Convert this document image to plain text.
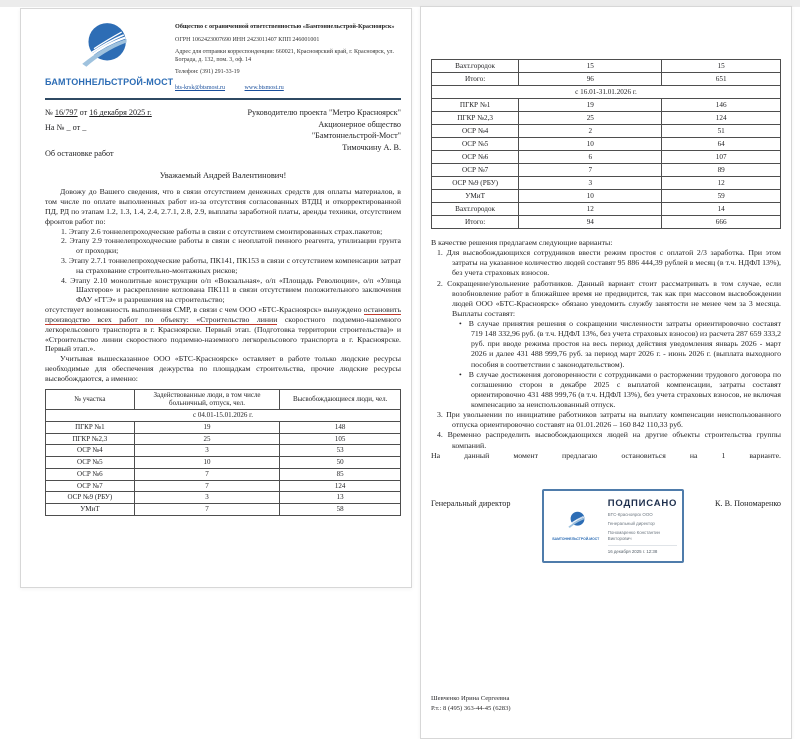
БАМТОННЕЛЬСТРОЙ-МОСТ
Общество с ограниченной ответственностью «Бамтоннельстрой-Красноярск»
ОГРН 1062423007690 ИНН 2423011407 КПП 246001001
Адрес для отправки корреспонденции: 660021, Красноярский край, г. Красноярск, ул. Бограда, д. 132, пом. 3, оф. 14
Телефон: (391) 291-33-19
bts-krsk@btsmost.ru	www.btsmost.ru
№ 16/797 от 16 декабря 2025 г.
На № _ от _
Об остановке работ
Руководителю проекта "Метро Красноярск"
Акционерное общество
"Бамтоннельстрой-Мост"
Тимочкину А. В.
Уважаемый Андрей Валентинович!

Довожу до Вашего сведения, что в связи отсутствием денежных средств для оплаты материалов, в том числе по оплате выполненных работ из-за отсутствия согласованных ВТДЦ и откорректированной ПД, РД по этапам 1.2, 1.3, 1.4, 2.4, 2.7.1, 2.8, 2.9, выплаты заработной платы, аренды техники, отсутствием фронтов работ по:

1. Этапу 2.6 тоннелепроходческие работы в связи с отсутствием смонтированных страх.пакетов;
2. Этапу 2.9 тоннелепроходческие работы в связи с неоплатой пенного реагента, утилизации грунта от проходки;
3. Этапу 2.7.1 тоннелепроходческие работы, ПК141, ПК153 в связи с отсутствием компенсации затрат на страхование строительно-монтажных рисков;
4. Этапу 2.10 монолитные конструкции о/п «Вокзальная», о/п «Площадь Революции», о/п «Улица Шахтеров» и раскрепление котлована ПК111 в связи отсутствием положительного заключения ФАУ «ГГЭ» и разрешения на строительство;

отсутствует возможность выполнения СМР, в связи с чем ООО «БТС-Красноярск» вынуждено остановить производство всех работ по объекту: «Строительство линии скоростного подземно-наземного легкорельсового транспорта в г. Красноярске. Первый этап. (Подготовка территории строительства)» и «Строительство линии скоростного подземно-наземного легкорельсового транспорта в г. Красноярске. Первый этап.».

Учитывая вышесказанное ООО «БТС-Красноярск» оставляет в работе только людские ресурсы необходимые для обеспечения дежурства по площадкам строительства, прочие людские ресурсы высвобождаются, а именно:

№ участка	Задействованные люди, в том числе больничный, отпуск, чел.	Высвобождающиеся люди, чел.
с 04.01-15.01.2026 г.		
ПГКР №1	19	148
ПГКР №2,3	25	105
ОСР №4	3	53
ОСР №5	10	50
ОСР №6	7	85
ОСР №7	7	124
ОСР №9 (РБУ)	3	13
УМиТ	7	58
Вахт.городок	15	15
Итого:	96	651
с 16.01-31.01.2026 г.		
ПГКР №1	19	146
ПГКР №2,3	25	124
ОСР №4	2	51
ОСР №5	10	64
ОСР №6	6	107
ОСР №7	7	89
ОСР №9 (РБУ)	3	12
УМиТ	10	59
Вахт.городок	12	14
Итого:	94	666

В качестве решения предлагаем следующие варианты:

1. Для высвобождающихся сотрудников ввести режим простоя с оплатой 2/3 заработка. При этом затраты на указанное количество людей составят 95 886 444,39 рублей в месяц (в т.ч. НДФЛ 13%), без учета страховых взносов.
2. Сокращение/увольнение работников. Данный вариант стоит рассматривать в том случае, если возобновление работ в ближайшее время не предвидится, так как при массовом высвобождении людей ООО «БТС-Красноярск» обязано уведомить службу занятости не менее чем за 3 месяца. Выплаты составят:
• В случае принятия решения о сокращении численности затраты ориентировочно составят 719 148 332,96 руб. (в т.ч. НДФЛ 13%, без учета страховых взносов) из расчета 287 659 333,2 руб. при вводе режима простоя на весь период действия уведомления январь 2026 - март 2026 и далее 431 488 999,76 руб. за период март 2026 г. - июнь 2026 г. (выплата выходного пособия в соответствии с законодательством).
• В случае достижения договоренности с сотрудниками о расторжении трудового договора по соглашению сторон в декабре 2025 с выплатой компенсации, затраты составят ориентировочно 431 488 999,76 (в т.ч. НДФЛ 13%), без учета страховых взносов, не включая компенсацию за неиспользованный отпуск.
3. При увольнении по инициативе работников затраты на выплату компенсации неиспользованного отпуска ориентировочно составят на 01.01.2026 – 160 842 110,33 руб.
4. Временно распределить высвобождающихся людей на другие объекты строительства группы компаний.

На данный момент предлагаю остановиться на 1 варианте.

Генеральный директор
БАМТОННЕЛЬСТРОЙ-МОСТ
ПОДПИСАНО
БТС-Красноярск ООО
Генеральный директор
Пономаренко Константин Викторович
16 декабря 2025 г. 12:38
К. В. Пономаренко
Шевченко Ирина Сергеевна
Р.т.: 8 (495) 363-44-45 (6283)
